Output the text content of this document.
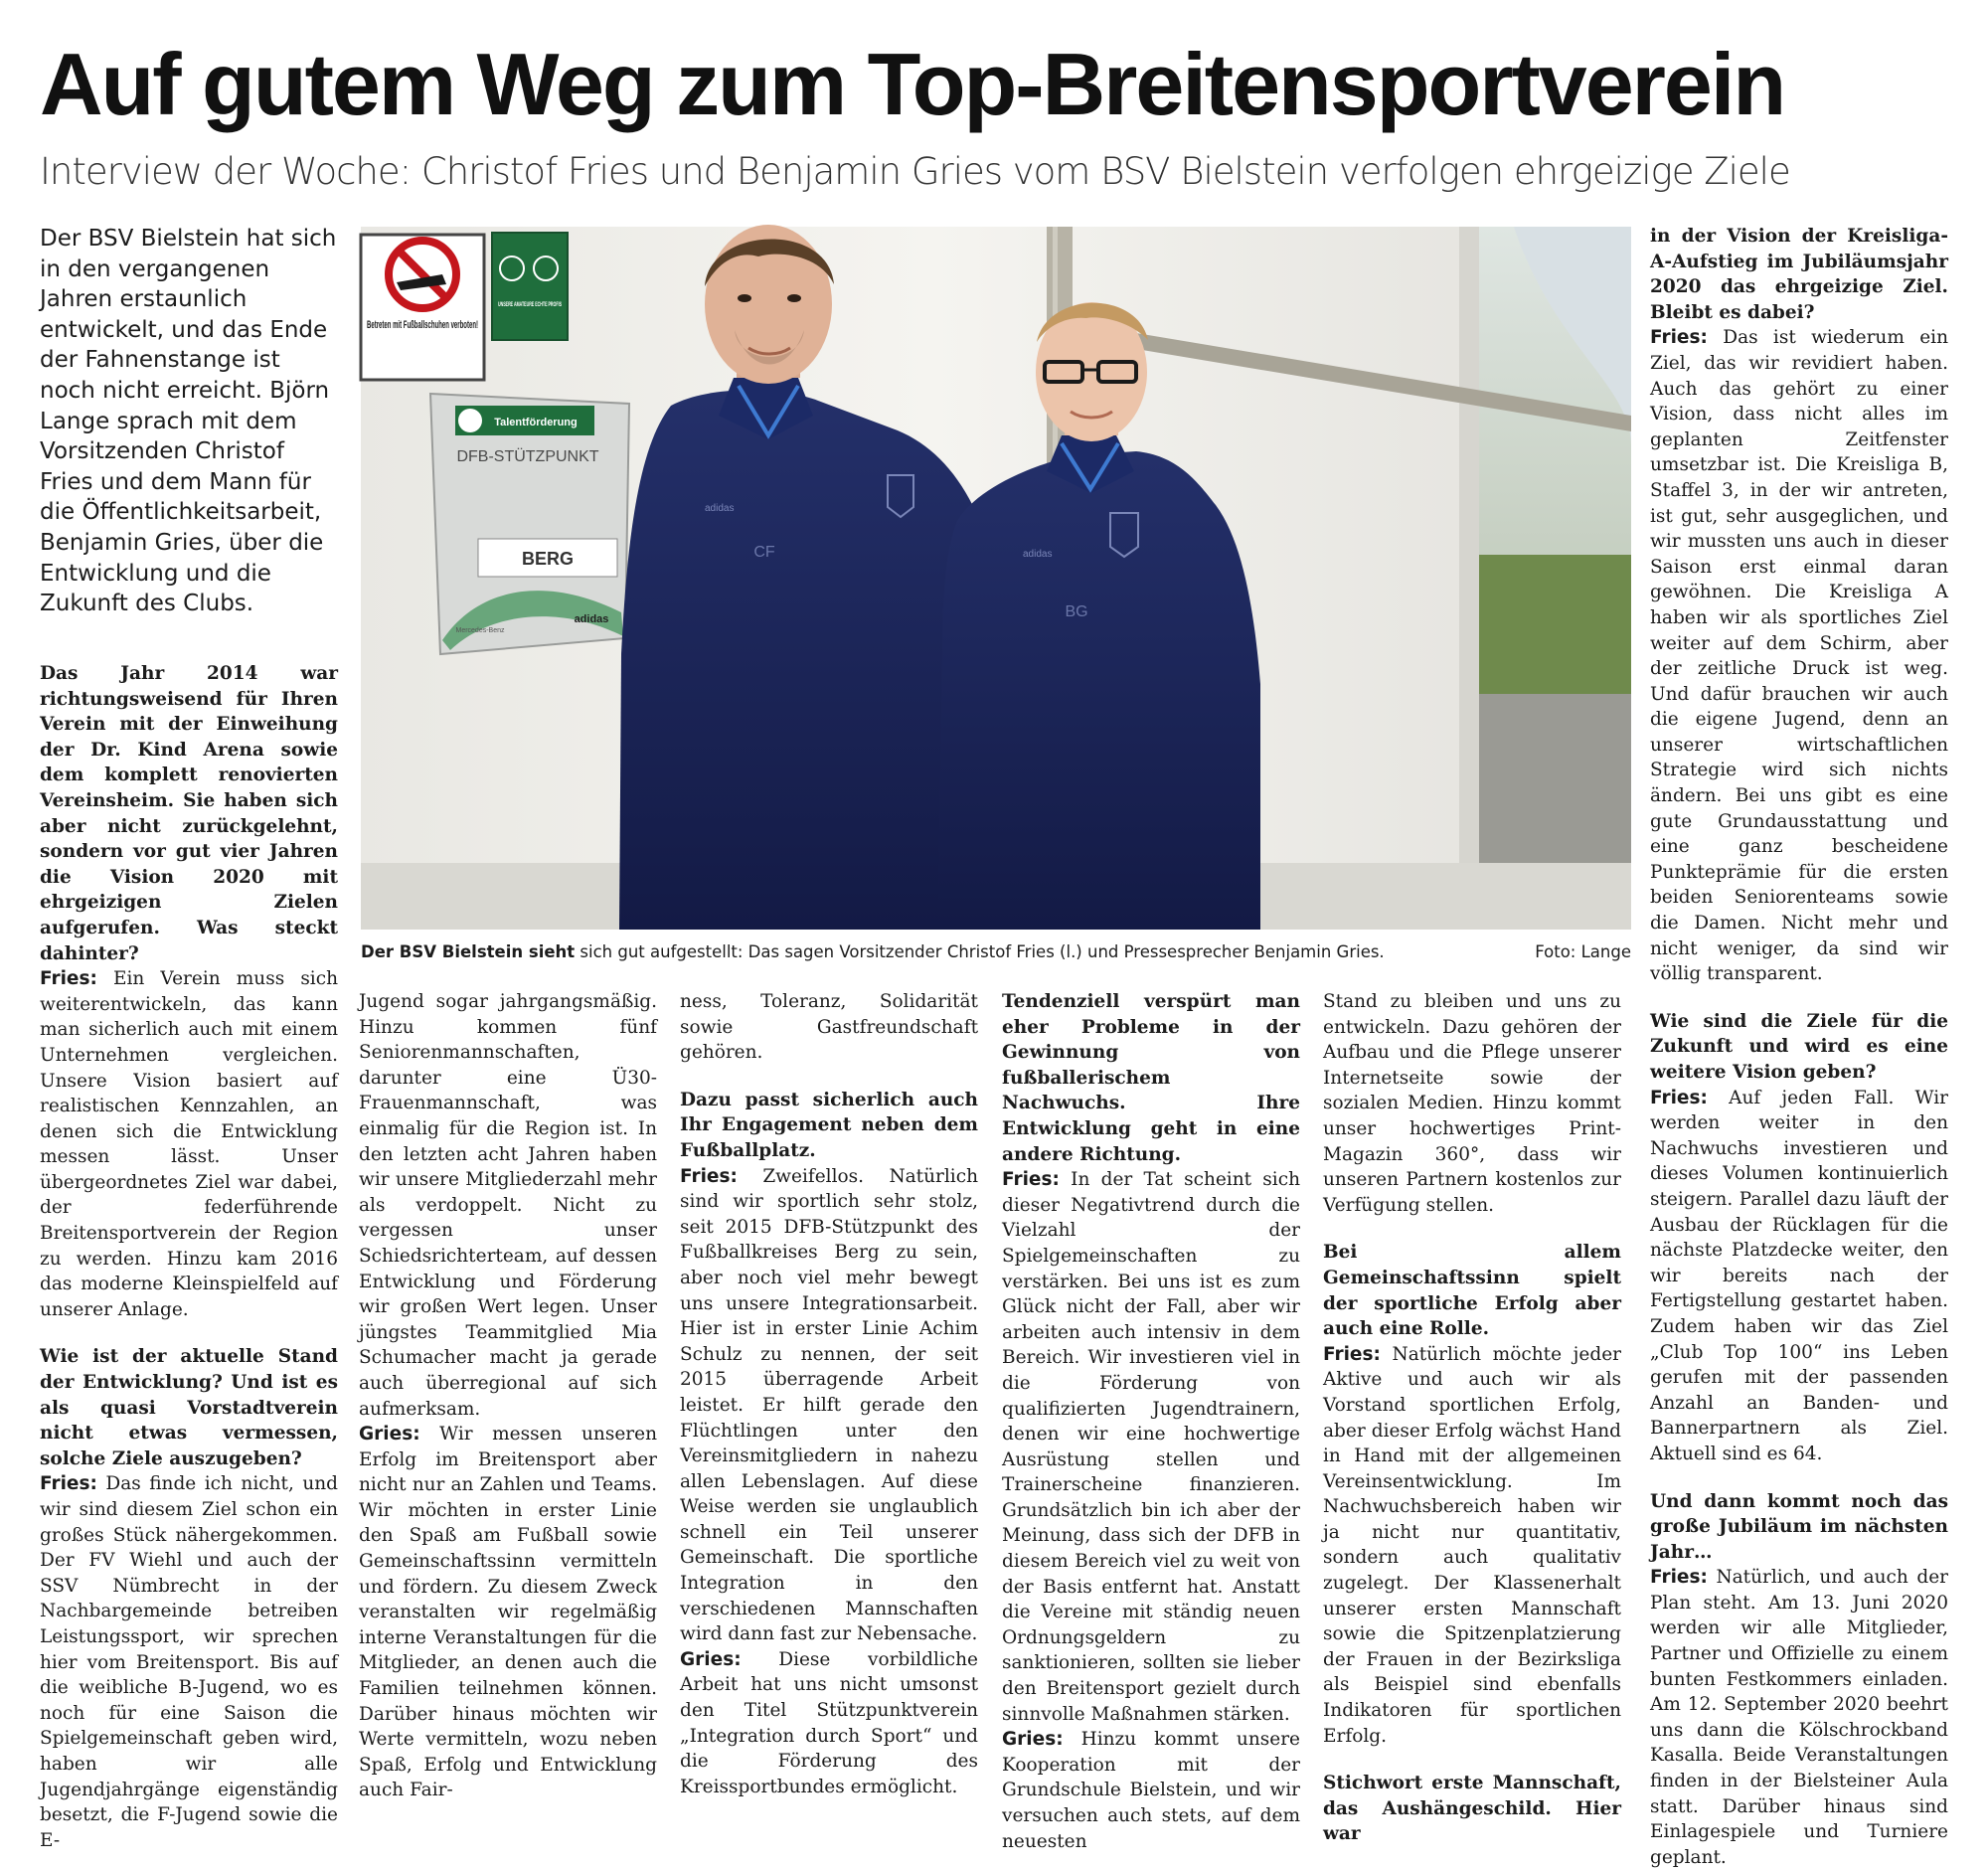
Auf gutem Weg zum Top-Breitensportverein
Interview der Woche: Christof Fries und Benjamin Gries vom BSV Bielstein verfolgen ehrgeizige Ziele
Der BSV Bielstein hat sich in den vergangenen Jahren erstaunlich entwickelt, und das Ende der Fahnenstange ist noch nicht erreicht. Björn Lange sprach mit dem Vorsitzenden Christof Fries und dem Mann für die Öffentlichkeitsarbeit, Benjamin Gries, über die Entwicklung und die Zukunft des Clubs.
Betreten mit Fußballschuhen verboten!
UNSERE AMATEURE ECHTE PROFIS
Talentförderung
DFB-STÜTZPUNKT
BERG
Mercedes-Benz
adidas
adidas
CF	adidas
BG
Der BSV Bielstein sieht sich gut aufgestellt: Das sagen Vorsitzender Christof Fries (l.) und Pressesprecher Benjamin Gries.	Foto: Lange

Das Jahr 2014 war richtungsweisend für Ihren Verein mit der Einweihung der Dr. Kind Arena sowie dem komplett renovierten Vereinsheim. Sie haben sich aber nicht zurückgelehnt, sondern vor gut vier Jahren die Vision 2020 mit ehrgeizigen Zielen aufgerufen. Was steckt dahinter?

Fries: Ein Verein muss sich weiterentwickeln, das kann man sicherlich auch mit einem Unternehmen vergleichen. Unsere Vision basiert auf realistischen Kennzahlen, an denen sich die Entwicklung messen lässt. Unser übergeordnetes Ziel war dabei, der federführende Breitensportverein der Region zu werden. Hinzu kam 2016 das moderne Kleinspielfeld auf unserer Anlage.

Wie ist der aktuelle Stand der Entwicklung? Und ist es als quasi Vorstadtverein nicht etwas vermessen, solche Ziele auszugeben?

Fries: Das finde ich nicht, und wir sind diesem Ziel schon ein großes Stück nähergekommen. Der FV Wiehl und auch der SSV Nümbrecht in der Nachbargemeinde betreiben Leistungssport, wir sprechen hier vom Breitensport. Bis auf die weibliche B-Jugend, wo es noch für eine Saison die Spielgemeinschaft geben wird, haben wir alle Jugendjahrgänge eigenständig besetzt, die F-Jugend sowie die E-

Jugend sogar jahrgangsmäßig. Hinzu kommen fünf Seniorenmannschaften, darunter eine Ü30-Frauenmannschaft, was einmalig für die Region ist. In den letzten acht Jahren haben wir unsere Mitgliederzahl mehr als verdoppelt. Nicht zu vergessen unser Schiedsrichterteam, auf dessen Entwicklung und Förderung wir großen Wert legen. Unser jüngstes Teammitglied Mia Schumacher macht ja gerade auch überregional auf sich aufmerksam.

Gries: Wir messen unseren Erfolg im Breitensport aber nicht nur an Zahlen und Teams. Wir möchten in erster Linie den Spaß am Fußball sowie Gemeinschaftssinn vermitteln und fördern. Zu diesem Zweck veranstalten wir regelmäßig interne Veranstaltungen für die Mitglieder, an denen auch die Familien teilnehmen können. Darüber hinaus möchten wir Werte vermitteln, wozu neben Spaß, Erfolg und Entwicklung auch Fair-

ness, Toleranz, Solidarität sowie Gastfreundschaft gehören.

Dazu passt sicherlich auch Ihr Engagement neben dem Fußballplatz.

Fries: Zweifellos. Natürlich sind wir sportlich sehr stolz, seit 2015 DFB-Stützpunkt des Fußballkreises Berg zu sein, aber noch viel mehr bewegt uns unsere Integrationsarbeit. Hier ist in erster Linie Achim Schulz zu nennen, der seit 2015 überragende Arbeit leistet. Er hilft gerade den Flüchtlingen unter den Vereinsmitgliedern in nahezu allen Lebenslagen. Auf diese Weise werden sie unglaublich schnell ein Teil unserer Gemeinschaft. Die sportliche Integration in den verschiedenen Mannschaften wird dann fast zur Nebensache.

Gries: Diese vorbildliche Arbeit hat uns nicht umsonst den Titel Stützpunktverein „Integration durch Sport“ und die Förderung des Kreissportbundes ermöglicht.

Tendenziell verspürt man eher Probleme in der Gewinnung von fußballerischem Nachwuchs. Ihre Entwicklung geht in eine andere Richtung.

Fries: In der Tat scheint sich dieser Negativtrend durch die Vielzahl der Spielgemeinschaften zu verstärken. Bei uns ist es zum Glück nicht der Fall, aber wir arbeiten auch intensiv in dem Bereich. Wir investieren viel in die Förderung von qualifizierten Jugendtrainern, denen wir eine hochwertige Ausrüstung stellen und Trainerscheine finanzieren. Grundsätzlich bin ich aber der Meinung, dass sich der DFB in diesem Bereich viel zu weit von der Basis entfernt hat. Anstatt die Vereine mit ständig neuen Ordnungsgeldern zu sanktionieren, sollten sie lieber den Breitensport gezielt durch sinnvolle Maßnahmen stärken.

Gries: Hinzu kommt unsere Kooperation mit der Grundschule Bielstein, und wir versuchen auch stets, auf dem neuesten

Stand zu bleiben und uns zu entwickeln. Dazu gehören der Aufbau und die Pflege unserer Internetseite sowie der sozialen Medien. Hinzu kommt unser hochwertiges Print-Magazin 360°, dass wir unseren Partnern kostenlos zur Verfügung stellen.

Bei allem Gemeinschaftssinn spielt der sportliche Erfolg aber auch eine Rolle.

Fries: Natürlich möchte jeder Aktive und auch wir als Vorstand sportlichen Erfolg, aber dieser Erfolg wächst Hand in Hand mit der allgemeinen Vereinsentwicklung. Im Nachwuchsbereich haben wir ja nicht nur quantitativ, sondern auch qualitativ zugelegt. Der Klassenerhalt unserer ersten Mannschaft sowie die Spitzenplatzierung der Frauen in der Bezirksliga als Beispiel sind ebenfalls Indikatoren für sportlichen Erfolg.

Stichwort erste Mannschaft, das Aushängeschild. Hier war

in der Vision der Kreisliga-A-Aufstieg im Jubiläumsjahr 2020 das ehrgeizige Ziel. Bleibt es dabei?

Fries: Das ist wiederum ein Ziel, das wir revidiert haben. Auch das gehört zu einer Vision, dass nicht alles im geplanten Zeitfenster umsetzbar ist. Die Kreisliga B, Staffel 3, in der wir antreten, ist gut, sehr ausgeglichen, und wir mussten uns auch in dieser Saison erst einmal daran gewöhnen. Die Kreisliga A haben wir als sportliches Ziel weiter auf dem Schirm, aber der zeitliche Druck ist weg. Und dafür brauchen wir auch die eigene Jugend, denn an unserer wirtschaftlichen Strategie wird sich nichts ändern. Bei uns gibt es eine gute Grundausstattung und eine ganz bescheidene Punkteprämie für die ersten beiden Seniorenteams sowie die Damen. Nicht mehr und nicht weniger, da sind wir völlig transparent.

Wie sind die Ziele für die Zukunft und wird es eine weitere Vision geben?

Fries: Auf jeden Fall. Wir werden weiter in den Nachwuchs investieren und dieses Volumen kontinuierlich steigern. Parallel dazu läuft der Ausbau der Rücklagen für die nächste Platzdecke weiter, den wir bereits nach der Fertigstellung gestartet haben. Zudem haben wir das Ziel „Club Top 100“ ins Leben gerufen mit der passenden Anzahl an Banden- und Bannerpartnern als Ziel. Aktuell sind es 64.

Und dann kommt noch das große Jubiläum im nächsten Jahr…

Fries: Natürlich, und auch der Plan steht. Am 13. Juni 2020 werden wir alle Mitglieder, Partner und Offizielle zu einem bunten Festkommers einladen. Am 12. September 2020 beehrt uns dann die Kölschrockband Kasalla. Beide Veranstaltungen finden in der Bielsteiner Aula statt. Darüber hinaus sind Einlagespiele und Turniere geplant.
